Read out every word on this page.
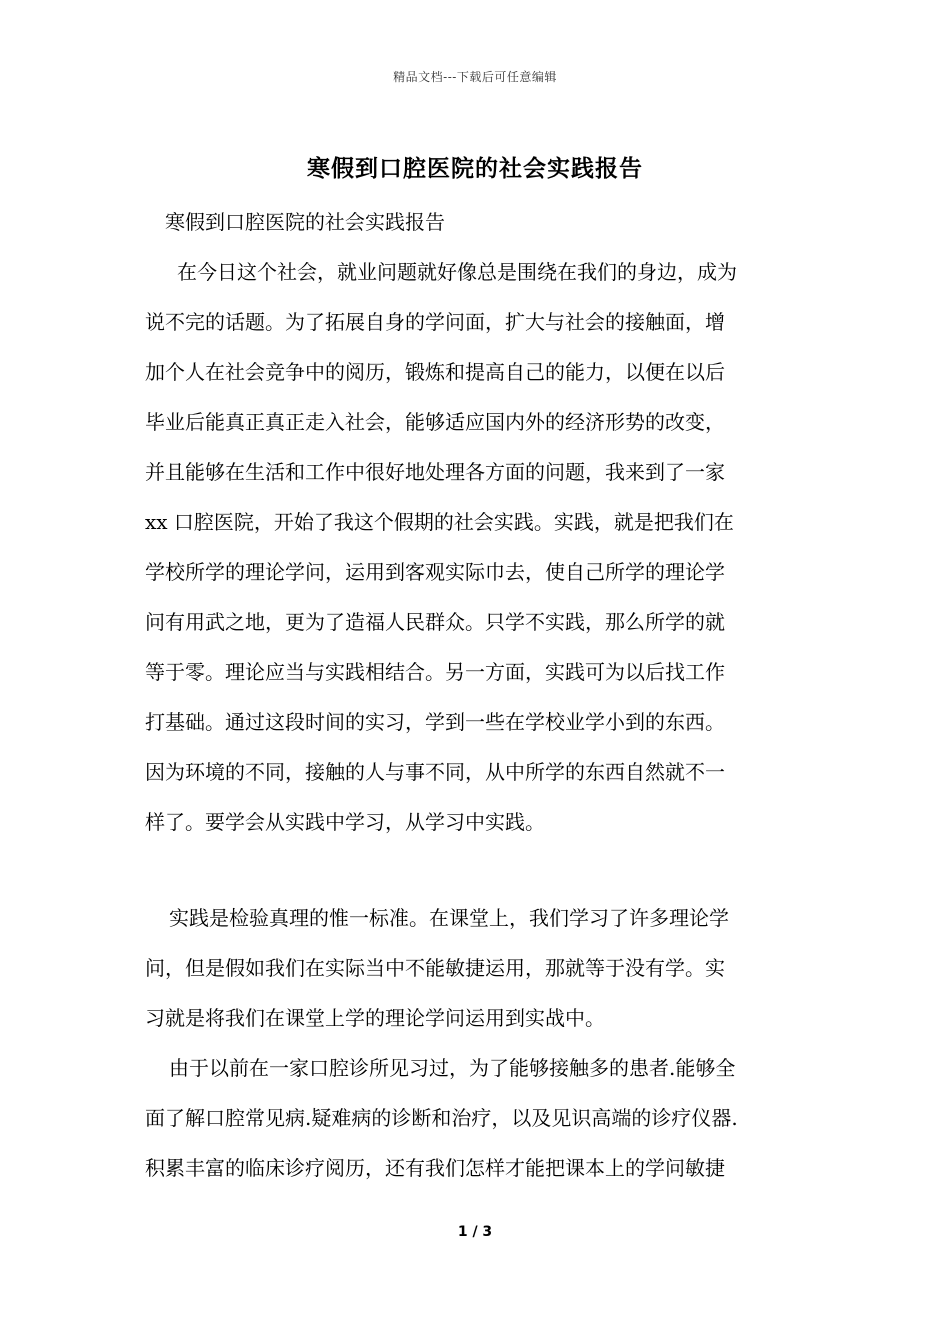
精品文档---下载后可任意编辑
寒假到口腔医院的社会实践报告
寒假到口腔医院的社会实践报告
在今日这个社会，就业问题就好像总是围绕在我们的身边，成为
说不完的话题。为了拓展自身的学问面，扩大与社会的接触面，增
加个人在社会竞争中的阅历，锻炼和提高自己的能力，以便在以后
毕业后能真正真正走入社会，能够适应国内外的经济形势的改变，
并且能够在生活和工作中很好地处理各方面的问题，我来到了一家
xx 口腔医院，开始了我这个假期的社会实践。实践，就是把我们在
学校所学的理论学问，运用到客观实际巾去，使自己所学的理论学
问有用武之地，更为了造福人民群众。只学不实践，那么所学的就
等于零。理论应当与实践相结合。另一方面，实践可为以后找工作
打基础。通过这段时间的实习，学到一些在学校业学小到的东西。
因为环境的不同，接触的人与事不同，从中所学的东西自然就不一
样了。要学会从实践中学习，从学习中实践。
实践是检验真理的惟一标准。在课堂上，我们学习了许多理论学
问，但是假如我们在实际当中不能敏捷运用，那就等于没有学。实
习就是将我们在课堂上学的理论学问运用到实战中。
由于以前在一家口腔诊所见习过，为了能够接触多的患者.能够全
面了解口腔常见病.疑难病的诊断和治疗，以及见识高端的诊疗仪器.
积累丰富的临床诊疗阅历，还有我们怎样才能把课本上的学问敏捷
1 / 3
